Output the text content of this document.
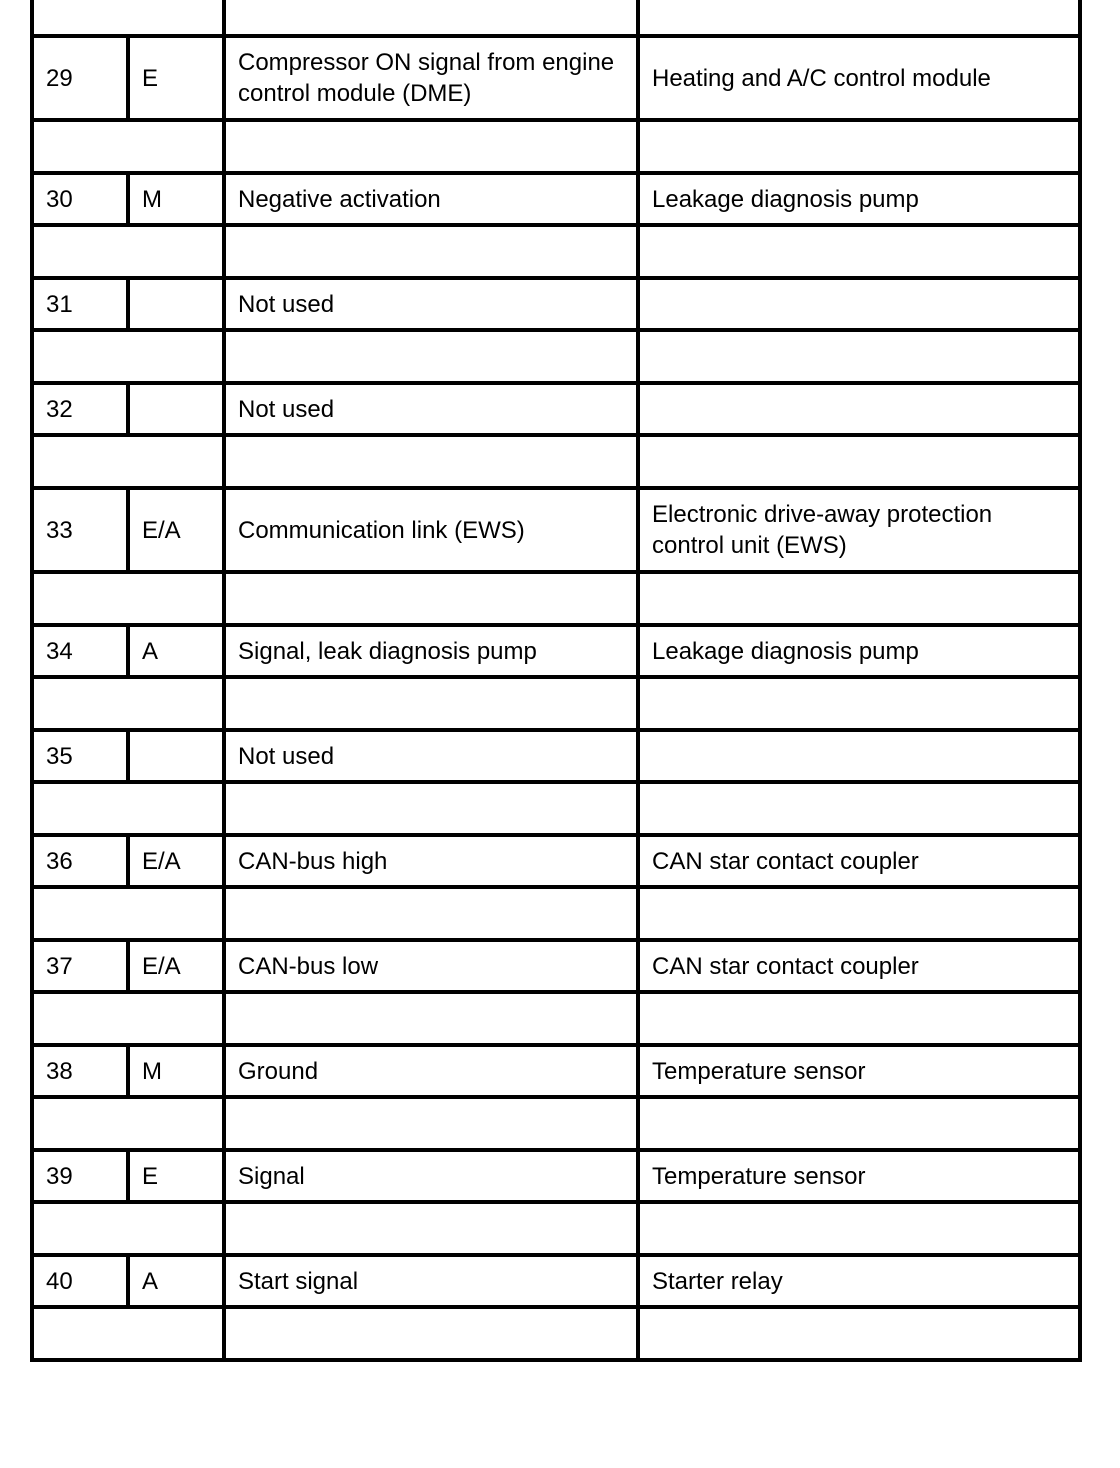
29	E	Compressor ON signal from engine control module (DME)	Heating and A/C control module

30	M	Negative activation	Leakage diagnosis pump

31		Not used	

32		Not used	

33	E/A	Communication link (EWS)	Electronic drive-away protection control unit (EWS)

34	A	Signal, leak diagnosis pump	Leakage diagnosis pump

35		Not used	

36	E/A	CAN-bus high	CAN star contact coupler

37	E/A	CAN-bus low	CAN star contact coupler

38	M	Ground	Temperature sensor

39	E	Signal	Temperature sensor

40	A	Start signal	Starter relay
